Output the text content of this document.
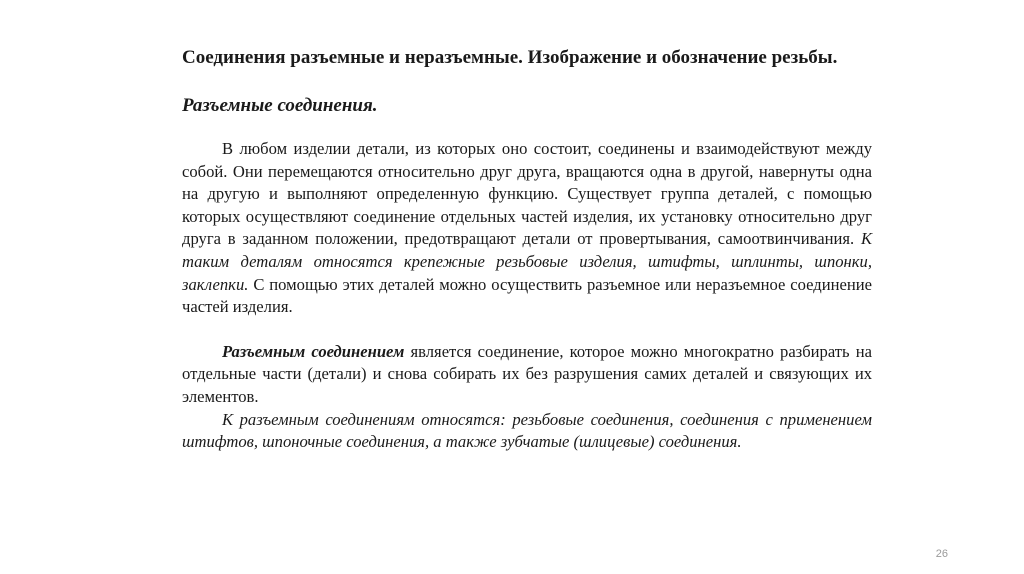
Соединения разъемные и неразъемные. Изображение и обозначение резьбы.

Разъемные соединения.

В любом изделии детали, из которых оно состоит, соединены и взаимодействуют между собой. Они перемещаются относительно друг друга, вращаются одна в другой, навернуты одна на другую и выполняют определенную функцию. Существует группа деталей, с помощью которых осуществляют соединение отдельных частей изделия, их установку относительно друг друга в заданном положении, предотвращают детали от провертывания, самоотвинчивания. К таким деталям относятся крепежные резьбовые изделия, штифты, шплинты, шпонки, заклепки. С помощью этих деталей можно осуществить разъемное или неразъемное соединение частей изделия.

Разъемным соединением является соединение, которое можно многократно разбирать на отдельные части (детали) и снова собирать их без разрушения самих деталей и связующих их элементов.

К разъемным соединениям относятся: резьбовые соединения, соединения с применением штифтов, шпоночные соединения, а также зубчатые (шлицевые) соединения.

26
